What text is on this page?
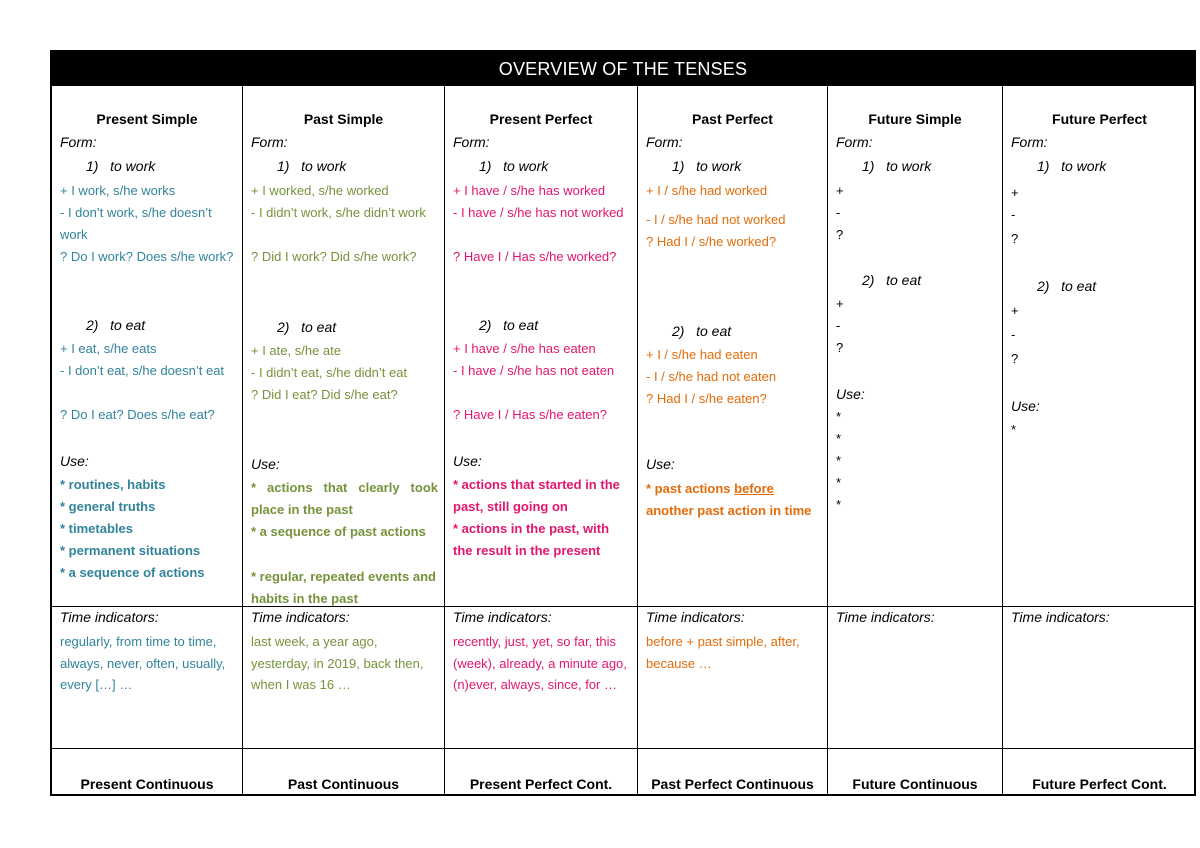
OVERVIEW OF THE TENSES
Present Simple
Form:
1)   to work
+ I work, s/he works
- I don’t work, s/he doesn’t work
? Do I work? Does s/he work?
2)   to eat
+ I eat, s/he eats
- I don’t eat, s/he doesn’t eat
? Do I eat? Does s/he eat?
Use:
* routines, habits
* general truths
* timetables
* permanent situations
* a sequence of actions
Time indicators:
regularly, from time to time, always, never, often, usually, every […] …
Present Continuous
Past Simple
Form:
1)   to work
+ I worked, s/he worked
- I didn’t work, s/he didn’t work
? Did I work? Did s/he work?
2)   to eat
+ I ate, s/he ate
- I didn’t eat, s/he didn’t eat
? Did I eat? Did s/he eat?
Use:
* actions that clearly took place in the past
* a sequence of past actions
* regular, repeated events and habits in the past
Time indicators:
last week, a year ago, yesterday, in 2019, back then, when I was 16 …
Past Continuous
Present Perfect
Form:
1)   to work
+ I have / s/he has worked
- I have / s/he has not worked
? Have I / Has s/he worked?
2)   to eat
+ I have / s/he has eaten
- I have / s/he has not eaten
? Have I / Has s/he eaten?
Use:
* actions that started in the past, still going on
* actions in the past, with the result in the present
Time indicators:
recently, just, yet, so far, this (week), already, a minute ago, (n)ever, always, since, for …
Present Perfect Cont.
Past Perfect
Form:
1)   to work
+ I / s/he had worked
- I / s/he had not worked
? Had I / s/he worked?
2)   to eat
+ I / s/he had eaten
- I / s/he had not eaten
? Had I / s/he eaten?
Use:
* past actions before another past action in time
Time indicators:
before + past simple, after, because …
Past Perfect Continuous
Future Simple
Form:
1)   to work
+
-
?
2)   to eat
+
-
?
Use:
*
*
*
*
*
Time indicators:
Future Continuous
Future Perfect
Form:
1)   to work
+
-
?
2)   to eat
+
-
?
Use:
*
Time indicators:
Future Perfect Cont.
